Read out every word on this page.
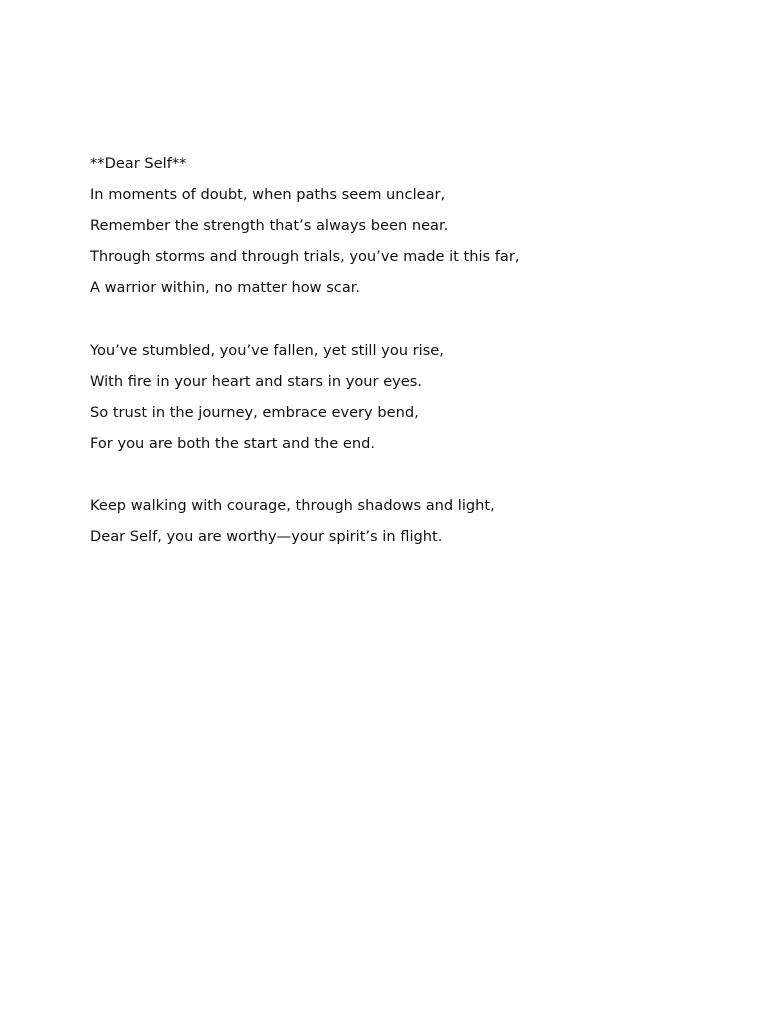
**Dear Self**
In moments of doubt, when paths seem unclear,
Remember the strength that’s always been near.
Through storms and through trials, you’ve made it this far,
A warrior within, no matter how scar.
You’ve stumbled, you’ve fallen, yet still you rise,
With fire in your heart and stars in your eyes.
So trust in the journey, embrace every bend,
For you are both the start and the end.
Keep walking with courage, through shadows and light,
Dear Self, you are worthy—your spirit’s in flight.
